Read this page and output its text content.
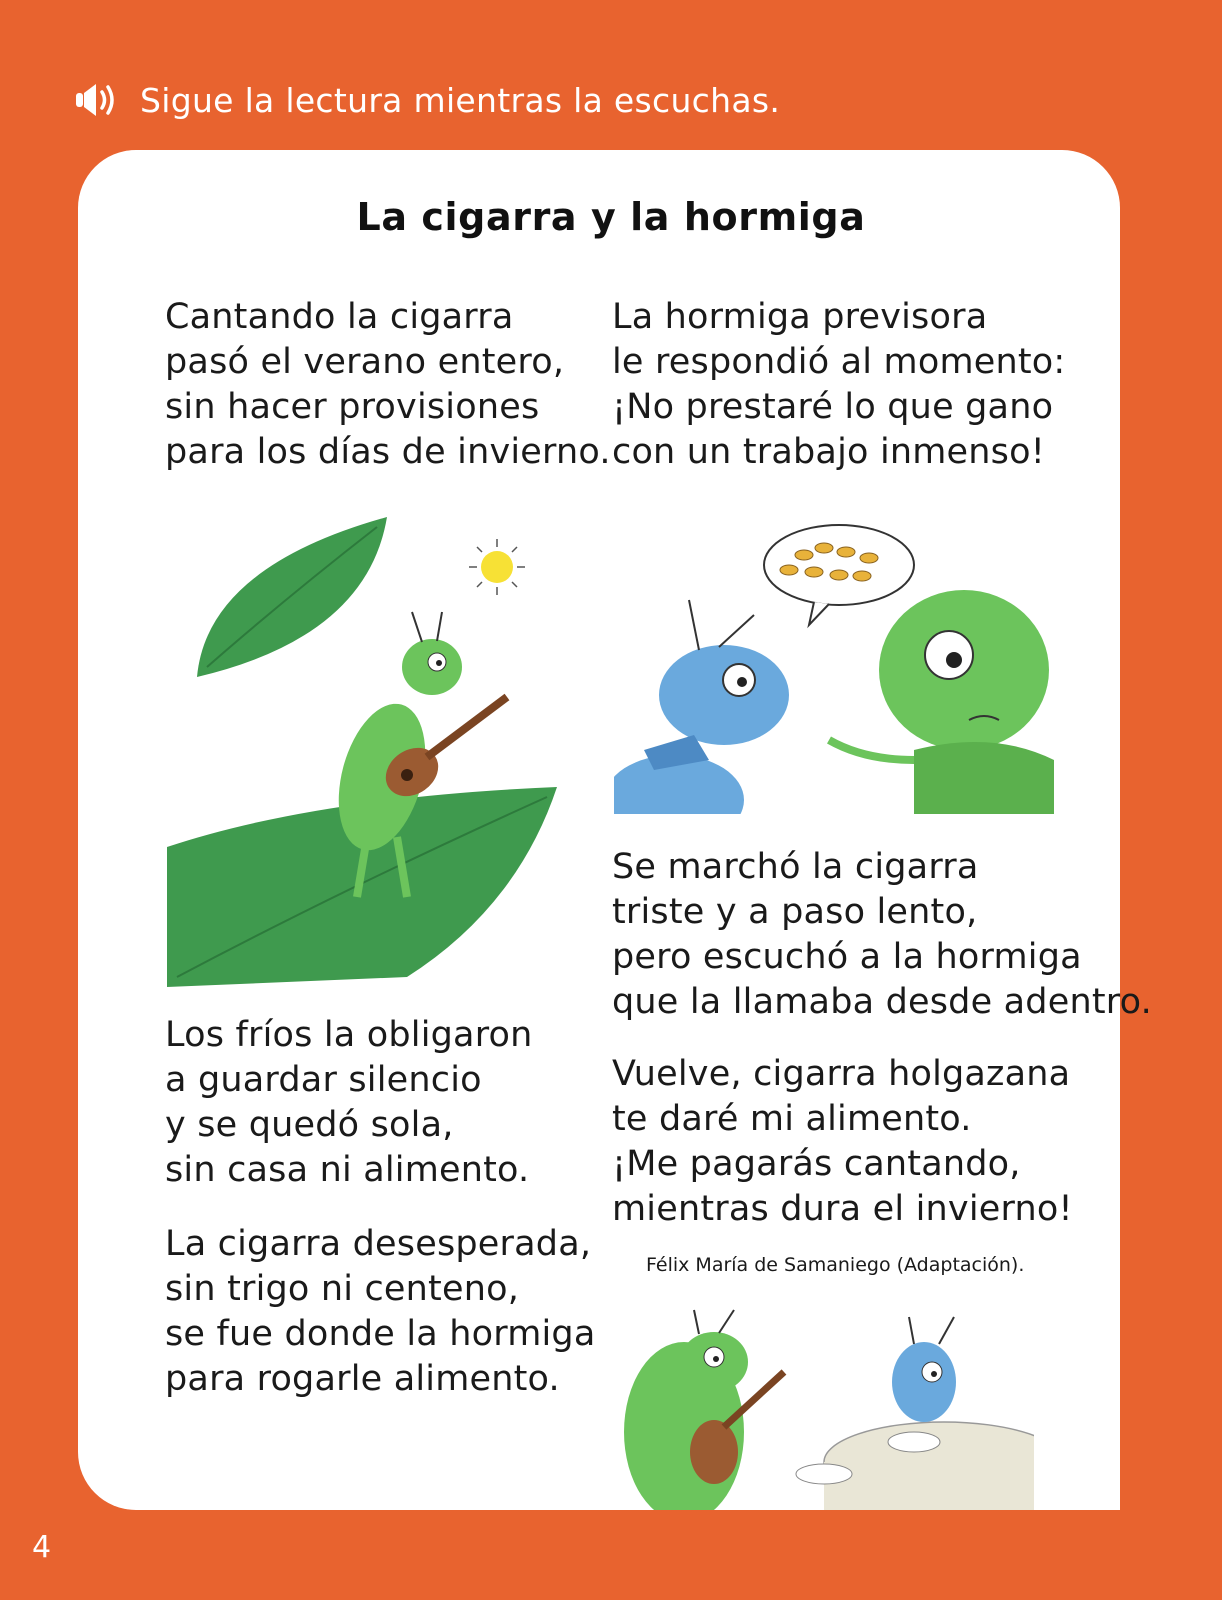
Sigue la lectura mientras la escuchas.
La cigarra y la hormiga
Cantando la cigarra
pasó el verano entero,
sin hacer provisiones
para los días de invierno.
La hormiga previsora
le respondió al momento:
¡No prestaré lo que gano
con un trabajo inmenso!
Se marchó la cigarra
triste y a paso lento,
pero escuchó a la hormiga
que la llamaba desde adentro.
Los fríos la obligaron
a guardar silencio
y se quedó sola,
sin casa ni alimento.
Vuelve, cigarra holgazana
te daré mi alimento.
¡Me pagarás cantando,
mientras dura el invierno!
Félix María de Samaniego (Adaptación).
La cigarra desesperada,
sin trigo ni centeno,
se fue donde la hormiga
para rogarle alimento.
4
